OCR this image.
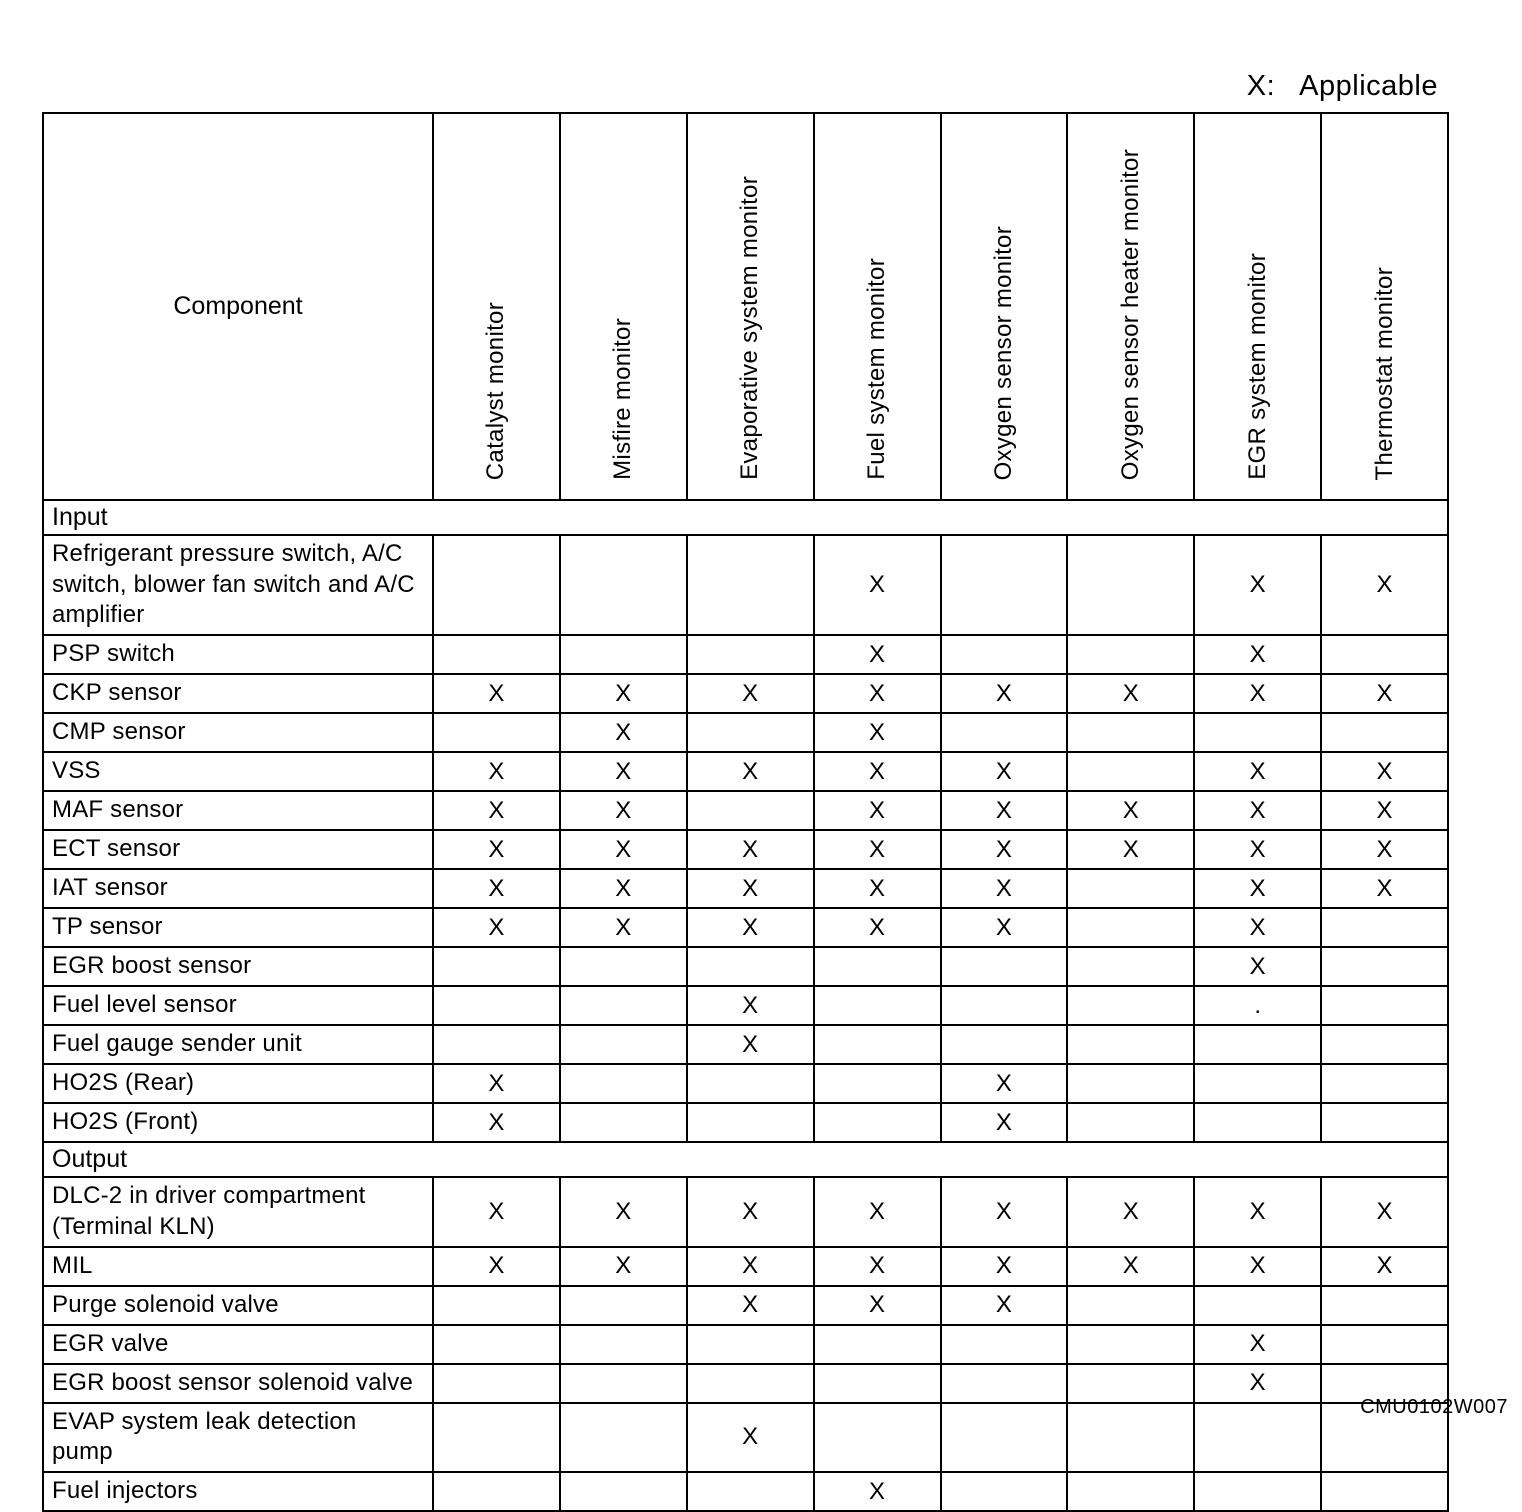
X: Applicable
Component	Catalyst monitor	Misfire monitor	Evaporative system monitor	Fuel system monitor	Oxygen sensor monitor	Oxygen sensor heater monitor	EGR system monitor	Thermostat monitor
Input								
Refrigerant pressure switch, A/C switch, blower fan switch and A/C amplifier				X			X	X
PSP switch				X			X	
CKP sensor	X	X	X	X	X	X	X	X
CMP sensor		X		X				
VSS	X	X	X	X	X		X	X
MAF sensor	X	X		X	X	X	X	X
ECT sensor	X	X	X	X	X	X	X	X
IAT sensor	X	X	X	X	X		X	X
TP sensor	X	X	X	X	X		X	
EGR boost sensor							X	
Fuel level sensor			X				.	
Fuel gauge sender unit			X					
HO2S (Rear)	X				X			
HO2S (Front)	X				X			
Output								
DLC-2 in driver compartment (Terminal KLN)	X	X	X	X	X	X	X	X
MIL	X	X	X	X	X	X	X	X
Purge solenoid valve			X	X	X			
EGR valve							X	
EGR boost sensor solenoid valve							X	
EVAP system leak detection pump			X					
Fuel injectors				X				
CMU0102W007
